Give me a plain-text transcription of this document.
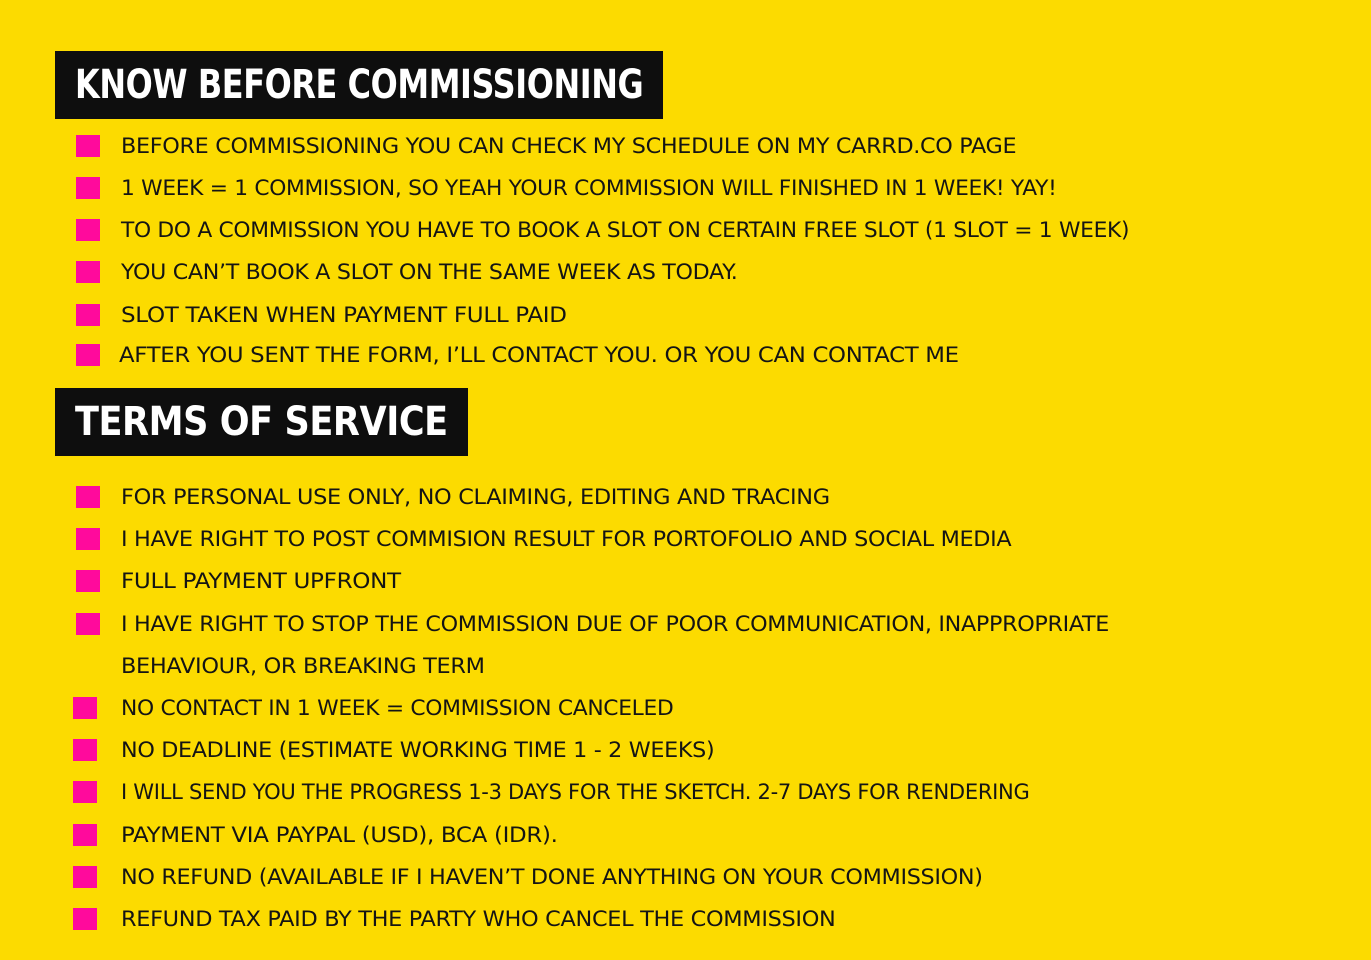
KNOW BEFORE COMMISSIONING
BEFORE COMMISSIONING YOU CAN CHECK MY SCHEDULE ON MY CARRD.CO PAGE
1 WEEK = 1 COMMISSION, SO YEAH YOUR COMMISSION WILL FINISHED IN 1 WEEK! YAY!
TO DO A COMMISSION YOU HAVE TO BOOK A SLOT ON CERTAIN FREE SLOT (1 SLOT = 1 WEEK)
YOU CAN’T BOOK A SLOT ON THE SAME WEEK AS TODAY.
SLOT TAKEN WHEN PAYMENT FULL PAID
AFTER YOU SENT THE FORM, I’LL CONTACT YOU. OR YOU CAN CONTACT ME
TERMS OF SERVICE
FOR PERSONAL USE ONLY, NO CLAIMING, EDITING AND TRACING
I HAVE RIGHT TO POST COMMISION RESULT FOR PORTOFOLIO AND SOCIAL MEDIA
FULL PAYMENT UPFRONT
I HAVE RIGHT TO STOP THE COMMISSION DUE OF POOR COMMUNICATION, INAPPROPRIATE
BEHAVIOUR, OR BREAKING TERM
NO CONTACT IN 1 WEEK = COMMISSION CANCELED
NO DEADLINE (ESTIMATE WORKING TIME 1 - 2 WEEKS)
I WILL SEND YOU THE PROGRESS 1-3 DAYS FOR THE SKETCH. 2-7 DAYS FOR RENDERING
PAYMENT VIA PAYPAL (USD), BCA (IDR).
NO REFUND (AVAILABLE IF I HAVEN’T DONE ANYTHING ON YOUR COMMISSION)
REFUND TAX PAID BY THE PARTY WHO CANCEL THE COMMISSION
